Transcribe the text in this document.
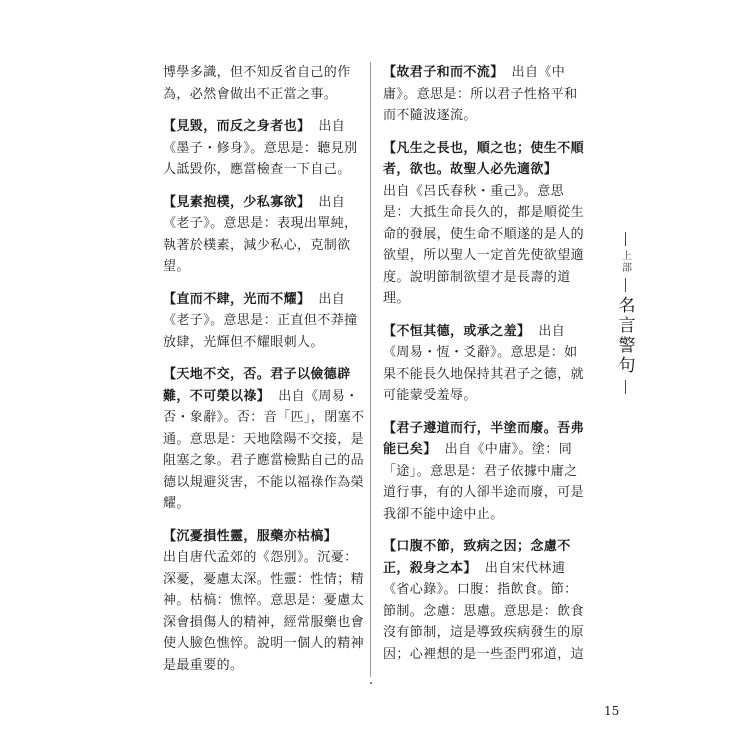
博學多識，但不知反省自己的作為，必然會做出不正當之事。

【見毀，而反之身者也】 出自《墨子・修身》。意思是：聽見別人詆毀你，應當檢查一下自己。

【見素抱樸，少私寡欲】 出自《老子》。意思是：表現出單純，執著於樸素，減少私心，克制欲望。

【直而不肆，光而不耀】 出自《老子》。意思是：正直但不莽撞放肆，光輝但不耀眼刺人。

【天地不交，否。君子以儉德辟難，不可榮以祿】 出自《周易・否・象辭》。否：音「匹」，閉塞不通。意思是：天地陰陽不交接，是阻塞之象。君子應當檢點自己的品德以規避災害，不能以福祿作為榮耀。

【沉憂損性靈，服藥亦枯槁】

出自唐代孟郊的《怨別》。沉憂：深憂，憂慮太深。性靈：性情；精神。枯槁：憔悴。意思是：憂慮太深會損傷人的精神，經常服藥也會使人臉色憔悴。說明一個人的精神是最重要的。

【故君子和而不流】 出自《中庸》。意思是：所以君子性格平和而不隨波逐流。

【凡生之長也，順之也；使生不順者，欲也。故聖人必先適欲】

出自《呂氏春秋・重己》。意思是：大抵生命長久的，都是順從生命的發展，使生命不順遂的是人的欲望，所以聖人一定首先使欲望適度。說明節制欲望才是長壽的道理。

【不恒其德，或承之羞】 出自《周易・恆・爻辭》。意思是：如果不能長久地保持其君子之德，就可能蒙受羞辱。

【君子遵道而行，半塗而廢。吾弗能已矣】 出自《中庸》。塗：同「途」。意思是：君子依據中庸之道行事，有的人卻半途而廢，可是我卻不能中途中止。

【口腹不節，致病之因；念慮不正，殺身之本】 出自宋代林逋《省心錄》。口腹：指飲食。節：節制。念慮：思慮。意思是：飲食沒有節制，這是導致疾病發生的原因；心裡想的是一些歪門邪道，這

上部
名言警句
15
